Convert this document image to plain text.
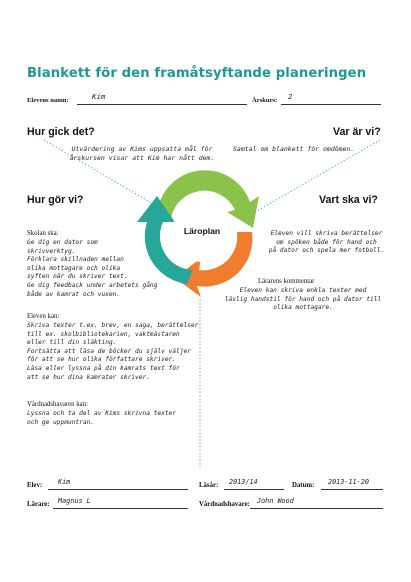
Blankett för den framåtsyftande planeringen
Elevens namn:	Kim	Årskurs: 2
Hur gick det?	Var är vi?
Hur gör vi?	Vart ska vi?
Utvärdering av Kims uppsatta mål för årskursen visar att Kim har nått dem.
Samtal om blankett för omdömen.
Läroplan
Skolan ska:
Ge dig en dator som
skrivverktyg.
Förklara skillnaden mellan
olika mottagare och olika
syften när du skriver text.
Ge dig feedback under arbetets gång
både av kamrat och vuxen.
Eleven kan:
Skriva texter t.ex. brev, en saga, berättelser
till ex. skolbibliotekarien, vaktmästaren
eller till din släkting.
Fortsätta att läsa de böcker du själv väljer
för att se hur olika författare skriver.
Läsa eller lyssna på din kamrats text för
att se hur dina kamrater skriver.
Vårdnadshavaren kan:
Lyssna och ta del av Kims skrivna texter
och ge uppmuntran.
Eleven vill skriva berättelser
om spöken både för hand och
på dator och spela mer fotboll.
Lärarens kommentar
Eleven kan skriva enkla texter med
läslig handstil för hand och på dator till
olika mottagare.
Elev: Kim	Läsår: 2013/14	Datum: 2013-11-20
Lärare: Magnus L	Vårdnadshavare: John Wood
